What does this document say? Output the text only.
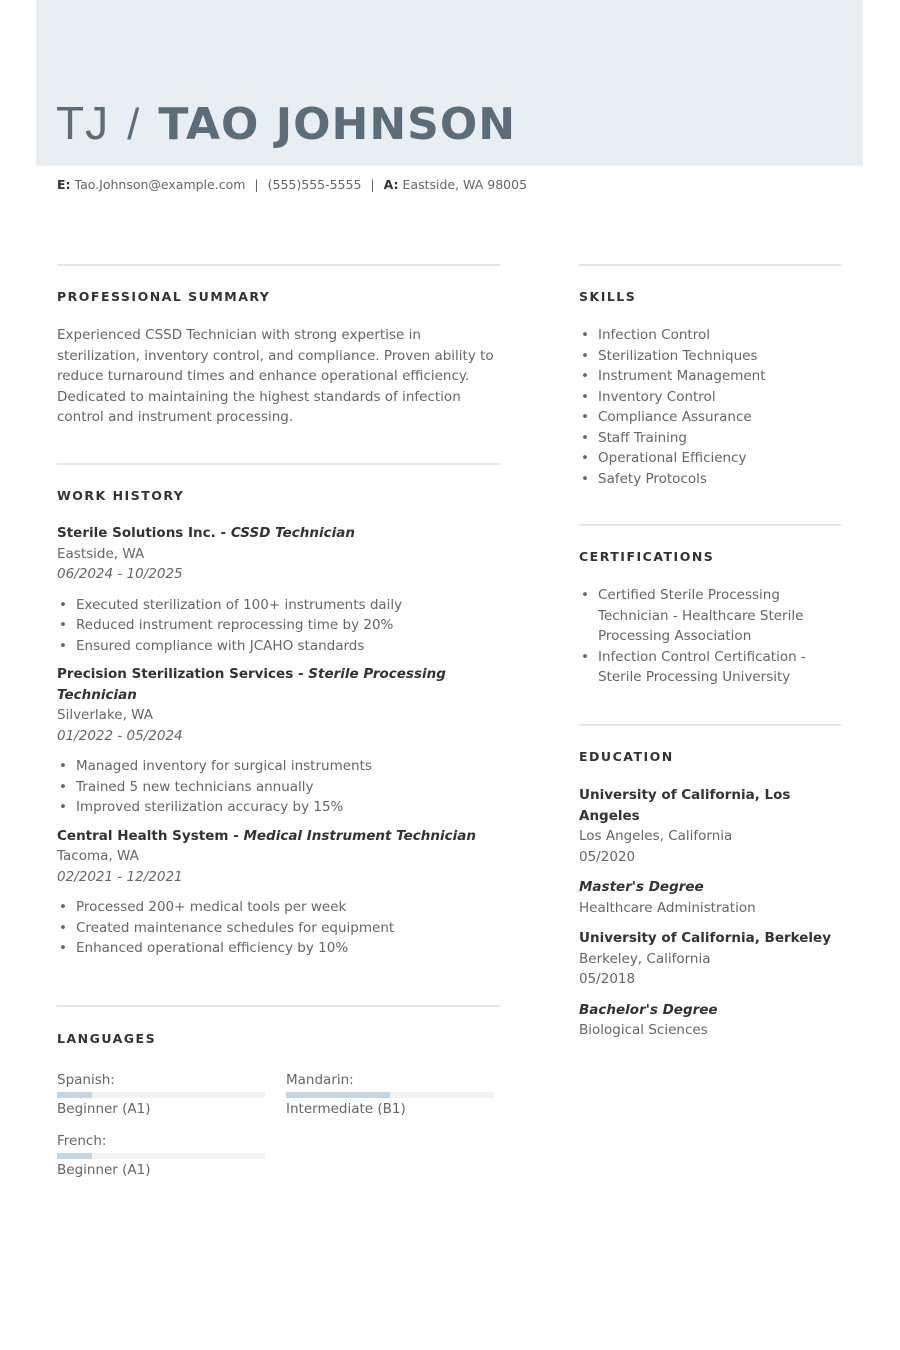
TJ / TAO JOHNSON
E: Tao.Johnson@example.com | (555)555-5555 | A: Eastside, WA 98005
PROFESSIONAL SUMMARY
Experienced CSSD Technician with strong expertise in sterilization, inventory control, and compliance. Proven ability to reduce turnaround times and enhance operational efficiency. Dedicated to maintaining the highest standards of infection control and instrument processing.
WORK HISTORY
Sterile Solutions Inc. - CSSD Technician
Eastside, WA
06/2024 - 10/2025
• Executed sterilization of 100+ instruments daily
• Reduced instrument reprocessing time by 20%
• Ensured compliance with JCAHO standards
Precision Sterilization Services - Sterile Processing Technician
Silverlake, WA
01/2022 - 05/2024
• Managed inventory for surgical instruments
• Trained 5 new technicians annually
• Improved sterilization accuracy by 15%
Central Health System - Medical Instrument Technician
Tacoma, WA
02/2021 - 12/2021
• Processed 200+ medical tools per week
• Created maintenance schedules for equipment
• Enhanced operational efficiency by 10%
LANGUAGES
Spanish:
Beginner (A1)
Mandarin:
Intermediate (B1)
French:
Beginner (A1)
SKILLS
• Infection Control
• Sterilization Techniques
• Instrument Management
• Inventory Control
• Compliance Assurance
• Staff Training
• Operational Efficiency
• Safety Protocols
CERTIFICATIONS
• Certified Sterile Processing Technician - Healthcare Sterile Processing Association
• Infection Control Certification - Sterile Processing University
EDUCATION
University of California, Los Angeles
Los Angeles, California
05/2020
Master's Degree
Healthcare Administration
University of California, Berkeley
Berkeley, California
05/2018
Bachelor's Degree
Biological Sciences
